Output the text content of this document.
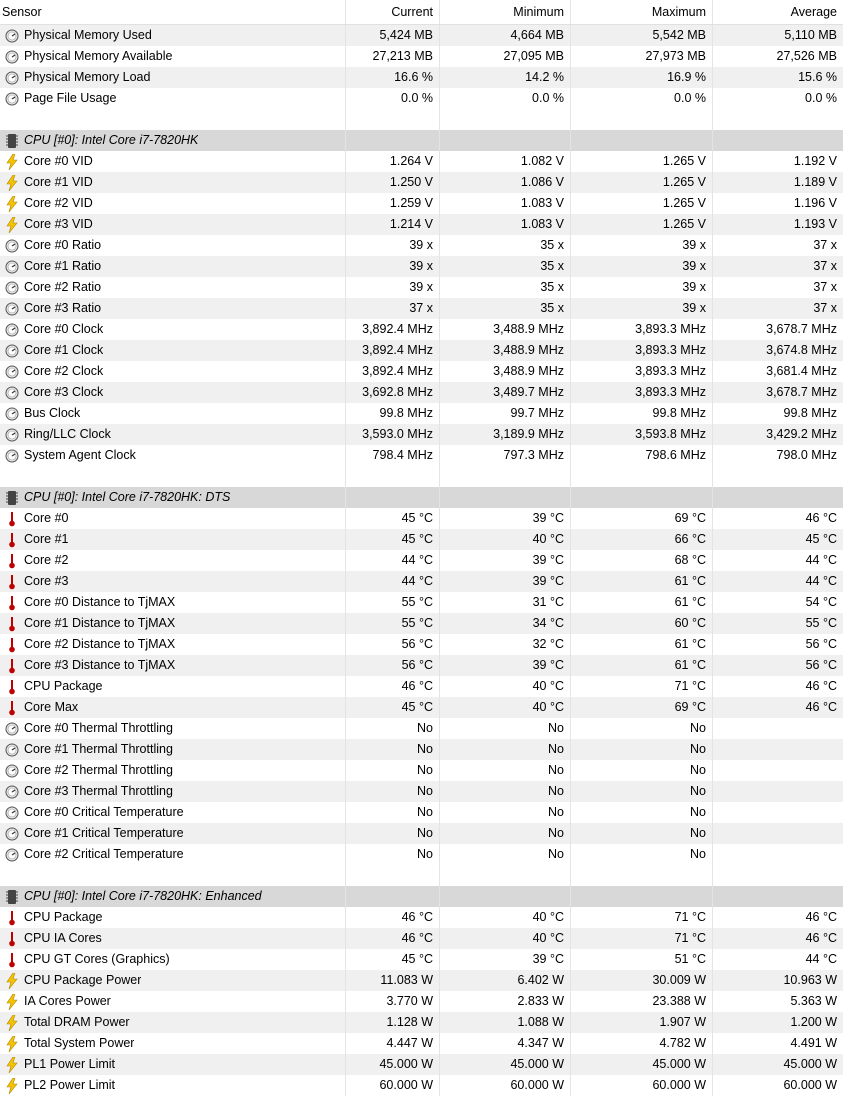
Sensor	Current	Minimum	Maximum	Average
Physical Memory Used	5,424 MB	4,664 MB	5,542 MB	5,110 MB
Physical Memory Available	27,213 MB	27,095 MB	27,973 MB	27,526 MB
Physical Memory Load	16.6 %	14.2 %	16.9 %	15.6 %
Page File Usage	0.0 %	0.0 %	0.0 %	0.0 %
CPU [#0]: Intel Core i7-7820HK
Core #0 VID	1.264 V	1.082 V	1.265 V	1.192 V
Core #1 VID	1.250 V	1.086 V	1.265 V	1.189 V
Core #2 VID	1.259 V	1.083 V	1.265 V	1.196 V
Core #3 VID	1.214 V	1.083 V	1.265 V	1.193 V
Core #0 Ratio	39 x	35 x	39 x	37 x
Core #1 Ratio	39 x	35 x	39 x	37 x
Core #2 Ratio	39 x	35 x	39 x	37 x
Core #3 Ratio	37 x	35 x	39 x	37 x
Core #0 Clock	3,892.4 MHz	3,488.9 MHz	3,893.3 MHz	3,678.7 MHz
Core #1 Clock	3,892.4 MHz	3,488.9 MHz	3,893.3 MHz	3,674.8 MHz
Core #2 Clock	3,892.4 MHz	3,488.9 MHz	3,893.3 MHz	3,681.4 MHz
Core #3 Clock	3,692.8 MHz	3,489.7 MHz	3,893.3 MHz	3,678.7 MHz
Bus Clock	99.8 MHz	99.7 MHz	99.8 MHz	99.8 MHz
Ring/LLC Clock	3,593.0 MHz	3,189.9 MHz	3,593.8 MHz	3,429.2 MHz
System Agent Clock	798.4 MHz	797.3 MHz	798.6 MHz	798.0 MHz
CPU [#0]: Intel Core i7-7820HK: DTS
Core #0	45 °C	39 °C	69 °C	46 °C
Core #1	45 °C	40 °C	66 °C	45 °C
Core #2	44 °C	39 °C	68 °C	44 °C
Core #3	44 °C	39 °C	61 °C	44 °C
Core #0 Distance to TjMAX	55 °C	31 °C	61 °C	54 °C
Core #1 Distance to TjMAX	55 °C	34 °C	60 °C	55 °C
Core #2 Distance to TjMAX	56 °C	32 °C	61 °C	56 °C
Core #3 Distance to TjMAX	56 °C	39 °C	61 °C	56 °C
CPU Package	46 °C	40 °C	71 °C	46 °C
Core Max	45 °C	40 °C	69 °C	46 °C
Core #0 Thermal Throttling	No	No	No
Core #1 Thermal Throttling	No	No	No
Core #2 Thermal Throttling	No	No	No
Core #3 Thermal Throttling	No	No	No
Core #0 Critical Temperature	No	No	No
Core #1 Critical Temperature	No	No	No
Core #2 Critical Temperature	No	No	No
CPU [#0]: Intel Core i7-7820HK: Enhanced
CPU Package	46 °C	40 °C	71 °C	46 °C
CPU IA Cores	46 °C	40 °C	71 °C	46 °C
CPU GT Cores (Graphics)	45 °C	39 °C	51 °C	44 °C
CPU Package Power	11.083 W	6.402 W	30.009 W	10.963 W
IA Cores Power	3.770 W	2.833 W	23.388 W	5.363 W
Total DRAM Power	1.128 W	1.088 W	1.907 W	1.200 W
Total System Power	4.447 W	4.347 W	4.782 W	4.491 W
PL1 Power Limit	45.000 W	45.000 W	45.000 W	45.000 W
PL2 Power Limit	60.000 W	60.000 W	60.000 W	60.000 W
